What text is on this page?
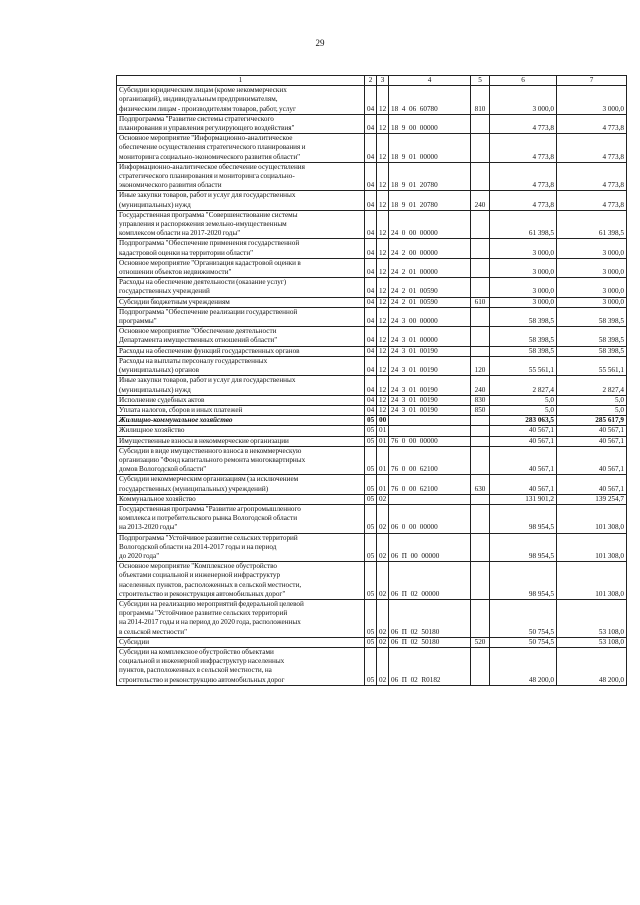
29
1	2	3	4	5	6	7
Субсидии юридическим лицам (кроме некоммерческих
организаций), индивидуальным предпринимателям,
физическим лицам - производителям товаров, работ, услуг	04	12	18  4  06  60780	810	3 000,0	3 000,0
Подпрограмма "Развитие системы стратегического
планирования и управления регулирующего воздействия"	04	12	18  9  00  00000		4 773,8	4 773,8
Основное мероприятие "Информационно-аналитическое
обеспечение осуществления стратегического планирования и
мониторинга социально-экономического развития области"	04	12	18  9  01  00000		4 773,8	4 773,8
Информационно-аналитическое обеспечение осуществления
стратегического планирования и мониторинга социально-
экономического развития области	04	12	18  9  01  20780		4 773,8	4 773,8
Иные закупки товаров, работ и услуг для государственных
(муниципальных) нужд	04	12	18  9  01  20780	240	4 773,8	4 773,8
Государственная программа "Совершенствование системы
управления и распоряжения земельно-имущественным
комплексом области на 2017-2020 годы"	04	12	24  0  00  00000		61 398,5	61 398,5
Подпрограмма "Обеспечение применения государственной
кадастровой оценки на территории области"	04	12	24  2  00  00000		3 000,0	3 000,0
Основное мероприятие "Организация кадастровой оценки в
отношении объектов недвижимости"	04	12	24  2  01  00000		3 000,0	3 000,0
Расходы на обеспечение деятельности (оказание услуг)
государственных учреждений	04	12	24  2  01  00590		3 000,0	3 000,0
Субсидии бюджетным учреждениям	04	12	24  2  01  00590	610	3 000,0	3 000,0
Подпрограмма "Обеспечение реализации государственной
программы"	04	12	24  3  00  00000		58 398,5	58 398,5
Основное мероприятие "Обеспечение деятельности
Департамента имущественных отношений области"	04	12	24  3  01  00000		58 398,5	58 398,5
Расходы на обеспечение функций государственных органов	04	12	24  3  01  00190		58 398,5	58 398,5
Расходы на выплаты персоналу государственных
(муниципальных) органов	04	12	24  3  01  00190	120	55 561,1	55 561,1
Иные закупки товаров, работ и услуг для государственных
(муниципальных) нужд	04	12	24  3  01  00190	240	2 827,4	2 827,4
Исполнение судебных актов	04	12	24  3  01  00190	830	5,0	5,0
Уплата налогов, сборов и иных платежей	04	12	24  3  01  00190	850	5,0	5,0
Жилищно-коммунальное хозяйство	05	00			283 063,5	285 617,9
Жилищное хозяйство	05	01			40 567,1	40 567,1
Имущественные взносы в некоммерческие организации	05	01	76  0  00  00000		40 567,1	40 567,1
Субсидии в виде имущественного взноса в некоммерческую
организацию "Фонд капитального ремонта многоквартирных
домов Вологодской области"	05	01	76  0  00  62100		40 567,1	40 567,1
Субсидии некоммерческим организациям (за исключением
государственных (муниципальных) учреждений)	05	01	76  0  00  62100	630	40 567,1	40 567,1
Коммунальное хозяйство	05	02			131 901,2	139 254,7
Государственная программа "Развитие агропромышленного
комплекса и потребительского рынка Вологодской области
на 2013-2020 годы"	05	02	06  0  00  00000		98 954,5	101 308,0
Подпрограмма "Устойчивое развитие сельских территорий
Вологодской области на 2014-2017 годы и на период
до 2020 года"	05	02	06  П  00  00000		98 954,5	101 308,0
Основное мероприятие "Комплексное обустройство
объектами социальной и инженерной инфраструктур
населенных пунктов, расположенных в сельской местности,
строительство и реконструкция автомобильных дорог"	05	02	06  П  02  00000		98 954,5	101 308,0
Субсидии на реализацию мероприятий федеральной целевой
программы "Устойчивое развитие сельских территорий
на 2014-2017 годы и на период до 2020 года, расположенных
в сельской местности"	05	02	06  П  02  50180		50 754,5	53 108,0
Субсидии	05	02	06  П  02  50180	520	50 754,5	53 108,0
Субсидии на комплексное обустройство объектами
социальной и инженерной инфраструктур населенных
пунктов, расположенных в сельской местности, на
строительство и реконструкцию автомобильных дорог	05	02	06  П  02  R0182		48 200,0	48 200,0
